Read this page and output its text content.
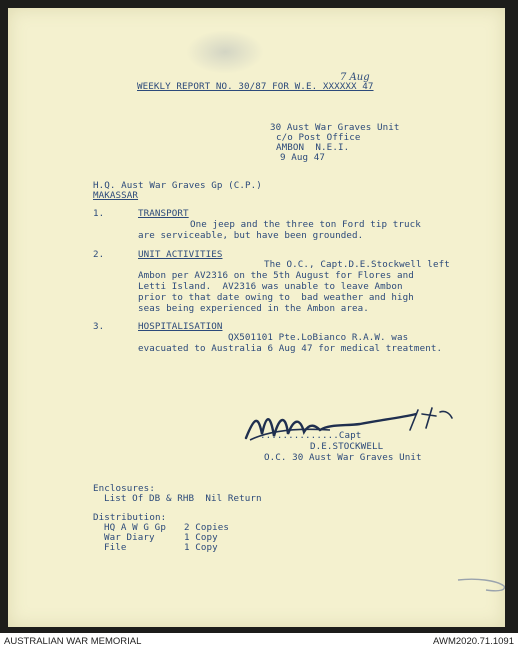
7 Aug
WEEKLY REPORT NO. 30/87 FOR W.E. XXXXXX 47
30 Aust War Graves Unit
c/o Post Office
AMBON  N.E.I.
9 Aug 47
H.Q. Aust War Graves Gp (C.P.)
MAKASSAR
1.	TRANSPORT
One jeep and the three ton Ford tip truck
are serviceable, but have been grounded.
2.	UNIT ACTIVITIES
The O.C., Capt.D.E.Stockwell left
Ambon per AV2316 on the 5th August for Flores and
Letti Island.  AV2316 was unable to leave Ambon
prior to that date owing to  bad weather and high
seas being experienced in the Ambon area.
3.	HOSPITALISATION
QX501101 Pte.LoBianco R.A.W. was
evacuated to Australia 6 Aug 47 for medical treatment.
..............Capt
D.E.STOCKWELL
O.C. 30 Aust War Graves Unit
Enclosures:
List Of DB & RHB  Nil Return
Distribution:
HQ A W G Gp 2 Copies
War Diary	1 Copy
File	1 Copy
AUSTRALIAN WAR MEMORIAL	AWM2020.71.1091
